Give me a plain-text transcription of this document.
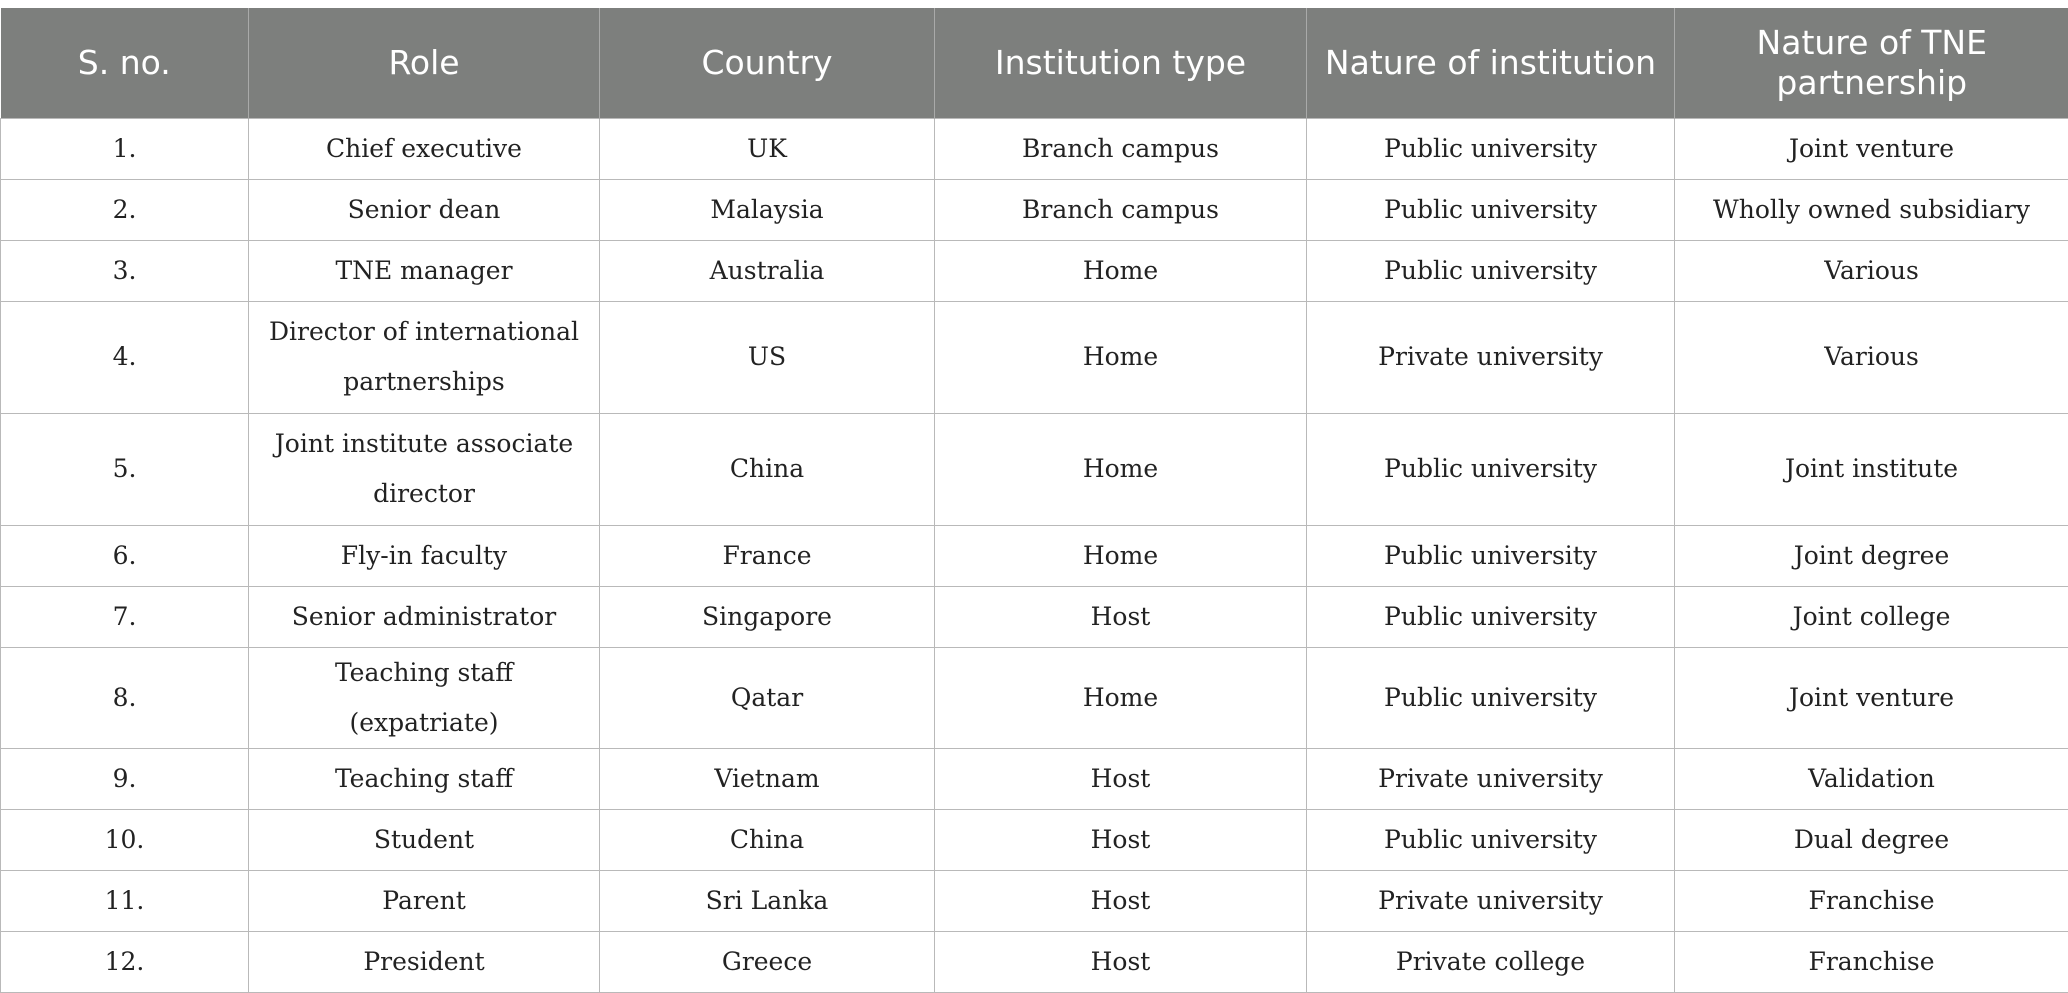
S. no.	Role	Country	Institution type	Nature of institution	Nature of TNE partnership
1.	Chief executive	UK	Branch campus	Public university	Joint venture
2.	Senior dean	Malaysia	Branch campus	Public university	Wholly owned subsidiary
3.	TNE manager	Australia	Home	Public university	Various
4.	Director of international partnerships	US	Home	Private university	Various
5.	Joint institute associate director	China	Home	Public university	Joint institute
6.	Fly-in faculty	France	Home	Public university	Joint degree
7.	Senior administrator	Singapore	Host	Public university	Joint college
8.	Teaching staff (expatriate)	Qatar	Home	Public university	Joint venture
9.	Teaching staff	Vietnam	Host	Private university	Validation
10.	Student	China	Host	Public university	Dual degree
11.	Parent	Sri Lanka	Host	Private university	Franchise
12.	President	Greece	Host	Private college	Franchise
